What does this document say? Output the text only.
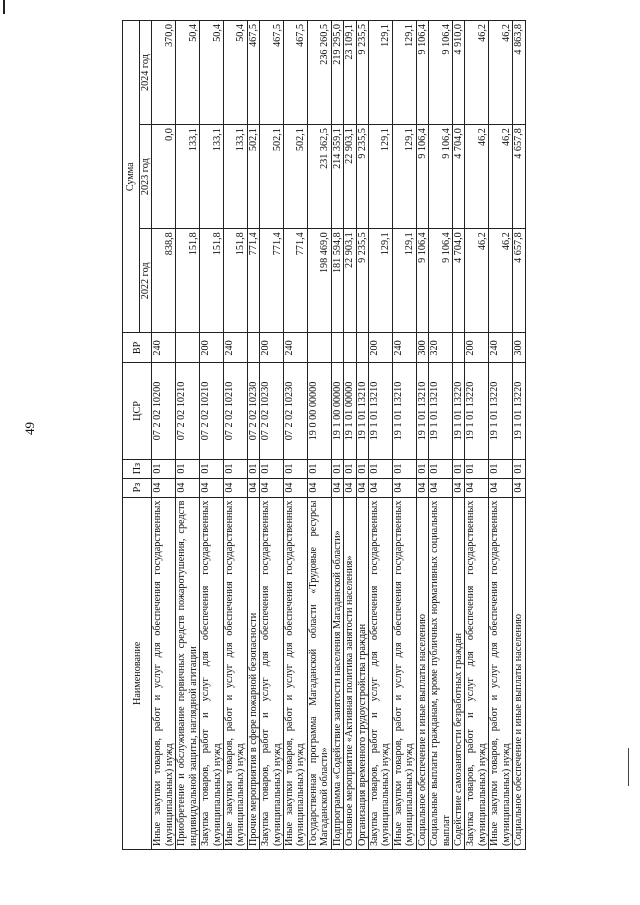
49
Наименование	Рз	Пз	ЦСР	ВР	Сумма		
					2022 год	2023 год	2024 год
Иные закупки товаров, работ и услуг для обеспечения государственных (муниципальных) нужд	04	01	07 2 02 10200	240	838,8	0,0	370,0
Приобретение и обслуживание первичных средств пожаротушения, средств индивидуальной защиты, наглядной агитации	04	01	07 2 02 10210		151,8	133,1	50,4
Закупка товаров, работ и услуг для обеспечения государственных (муниципальных) нужд	04	01	07 2 02 10210	200	151,8	133,1	50,4
Иные закупки товаров, работ и услуг для обеспечения государственных (муниципальных) нужд	04	01	07 2 02 10210	240	151,8	133,1	50,4
Прочие мероприятия в сфере пожарной безопасности	04	01	07 2 02 10230		771,4	502,1	467,5
Закупка товаров, работ и услуг для обеспечения государственных (муниципальных) нужд	04	01	07 2 02 10230	200	771,4	502,1	467,5
Иные закупки товаров, работ и услуг для обеспечения государственных (муниципальных) нужд	04	01	07 2 02 10230	240	771,4	502,1	467,5
Государственная программа Магаданской области «Трудовые ресурсы Магаданской области»	04	01	19 0 00 00000		198 469,0	231 362,5	236 260,5
Подпрограмма «Содействие занятости населения Магаданской области»	04	01	19 1 00 00000		181 594,8	214 359,1	219 295,0
Основное мероприятие «Активная политика занятости населения»	04	01	19 1 01 00000		22 903,1	22 903,1	23 109,1
Организация временного трудоустройства граждан	04	01	19 1 01 13210		9 235,5	9 235,5	9 235,5
Закупка товаров, работ и услуг для обеспечения государственных (муниципальных) нужд	04	01	19 1 01 13210	200	129,1	129,1	129,1
Иные закупки товаров, работ и услуг для обеспечения государственных (муниципальных) нужд	04	01	19 1 01 13210	240	129,1	129,1	129,1
Социальное обеспечение и иные выплаты населению	04	01	19 1 01 13210	300	9 106,4	9 106,4	9 106,4
Социальные выплаты гражданам, кроме публичных нормативных социальных выплат	04	01	19 1 01 13210	320	9 106,4	9 106,4	9 106,4
Содействие самозанятости безработных граждан	04	01	19 1 01 13220		4 704,0	4 704,0	4 910,0
Закупка товаров, работ и услуг для обеспечения государственных (муниципальных) нужд	04	01	19 1 01 13220	200	46,2	46,2	46,2
Иные закупки товаров, работ и услуг для обеспечения государственных (муниципальных) нужд	04	01	19 1 01 13220	240	46,2	46,2	46,2
Социальное обеспечение и иные выплаты населению	04	01	19 1 01 13220	300	4 657,8	4 657,8	4 863,8
